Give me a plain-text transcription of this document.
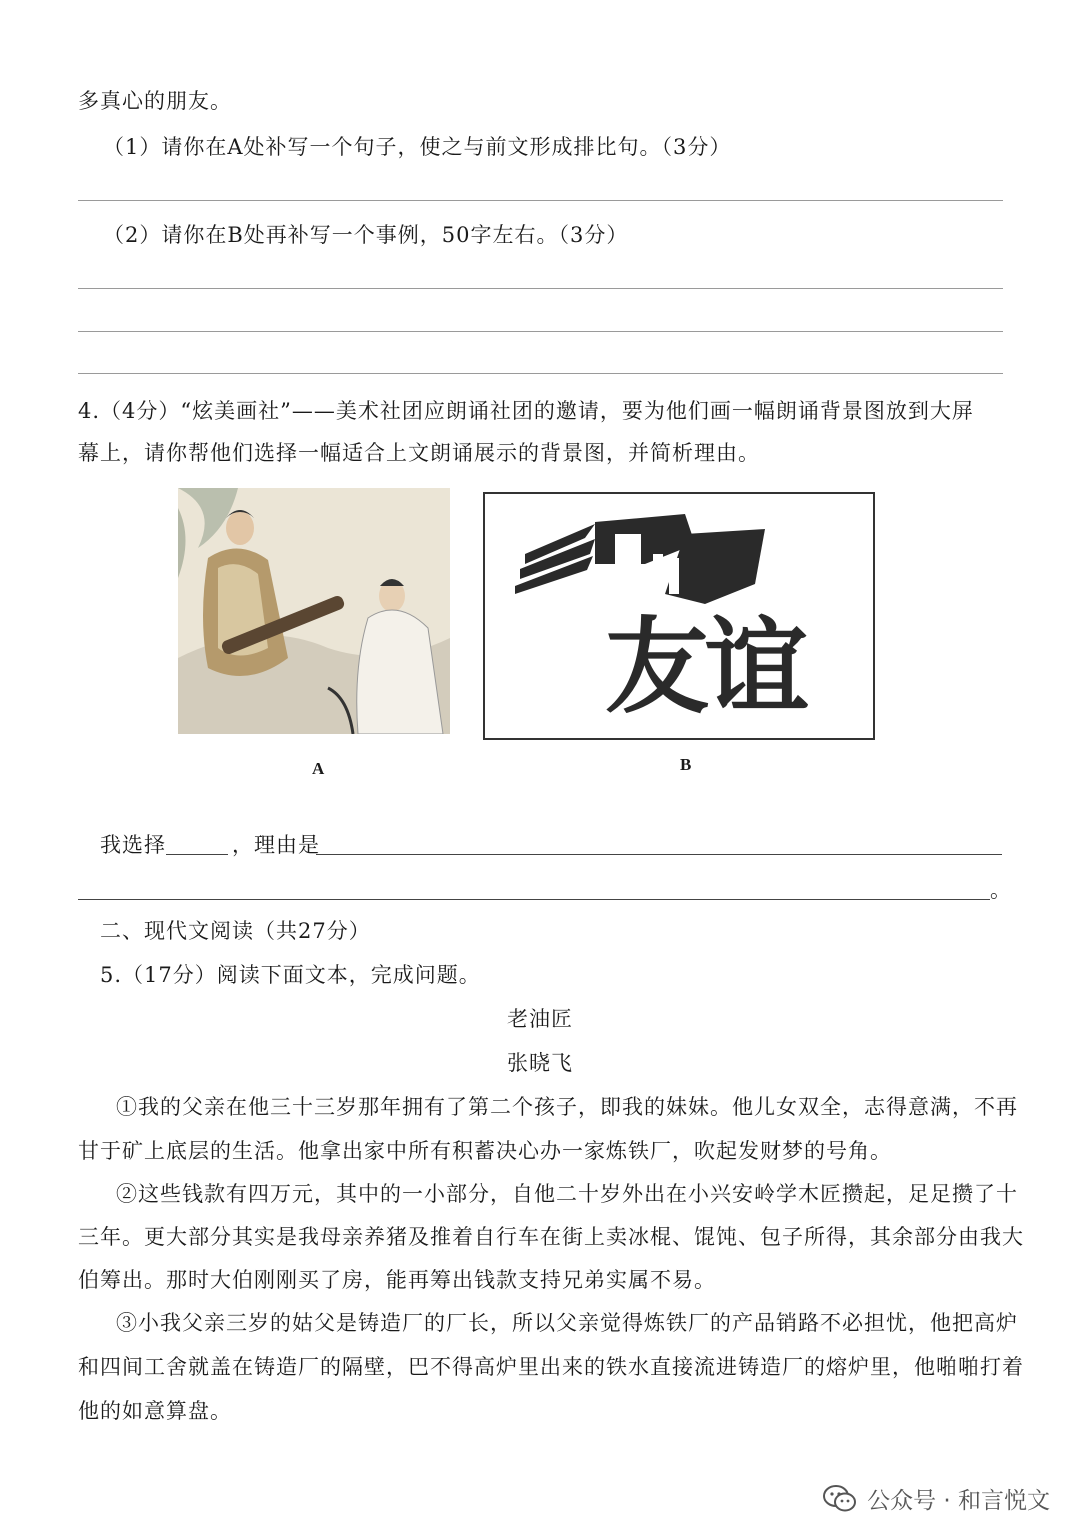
多真心的朋友。
（1）请你在A处补写一个句子，使之与前文形成排比句。（3分）
（2）请你在B处再补写一个事例，50字左右。（3分）
4.（4分）“炫美画社”——美术社团应朗诵社团的邀请，要为他们画一幅朗诵背景图放到大屏
幕上，请你帮他们选择一幅适合上文朗诵展示的背景图，并简析理由。
A
友谊
B
我选择	，理由是
。
二、现代文阅读（共27分）
5.（17分）阅读下面文本，完成问题。
老油匠
张晓飞
①我的父亲在他三十三岁那年拥有了第二个孩子，即我的妹妹。他儿女双全，志得意满，不再
甘于矿上底层的生活。他拿出家中所有积蓄决心办一家炼铁厂，吹起发财梦的号角。
②这些钱款有四万元，其中的一小部分，自他二十岁外出在小兴安岭学木匠攒起，足足攒了十
三年。更大部分其实是我母亲养猪及推着自行车在街上卖冰棍、馄饨、包子所得，其余部分由我大
伯筹出。那时大伯刚刚买了房，能再筹出钱款支持兄弟实属不易。
③小我父亲三岁的姑父是铸造厂的厂长，所以父亲觉得炼铁厂的产品销路不必担忧，他把高炉
和四间工舍就盖在铸造厂的隔壁，巴不得高炉里出来的铁水直接流进铸造厂的熔炉里，他啪啪打着
他的如意算盘。
公众号 · 和言悦文
